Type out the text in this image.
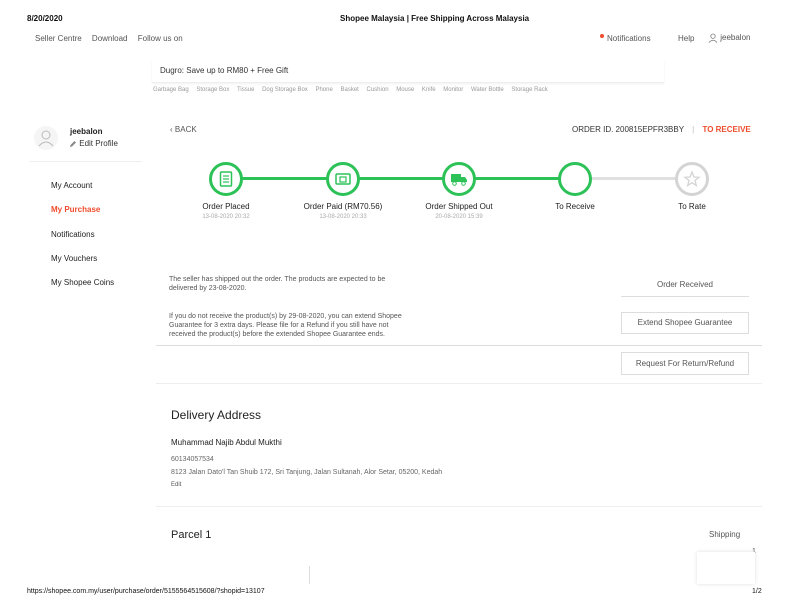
8/20/2020	Shopee Malaysia | Free Shipping Across Malaysia
Seller Centre Download Follow us on	Notifications	Help	jeebalon
Dugro: Save up to RM80 + Free Gift
Garbage Bag Storage Box Tissue Dog Storage Box Phone Basket Cushion Mouse Knife Monitor Water Bottle Storage Rack
jeebalon
Edit Profile
My Account
My Purchase
Notifications
My Vouchers
My Shopee Coins
‹ BACK	ORDER ID. 200815EPFR3BBY | TO RECEIVE
Order Placed
13-08-2020 20:32
Order Paid (RM70.56)
13-08-2020 20:33
Order Shipped Out
20-08-2020 15:39
To Receive	To Rate
The seller has shipped out the order. The products are expected to be delivered by 23-08-2020.	Order Received
If you do not receive the product(s) by 29-08-2020, you can extend Shopee Guarantee for 3 extra days. Please file for a Refund if you still have not received the product(s) before the extended Shopee Guarantee ends.
Extend Shopee Guarantee
Request For Return/Refund
Delivery Address
Muhammad Najib Abdul Mukthi
60134057534
8123 Jalan Dato'l Tan Shuib 172, Sri Tanjung, Jalan Sultanah, Alor Setar, 05200, Kedah
Edit
Parcel 1	Shipping
https://shopee.com.my/user/purchase/order/5155564515608/?shopid=13107	1/2
